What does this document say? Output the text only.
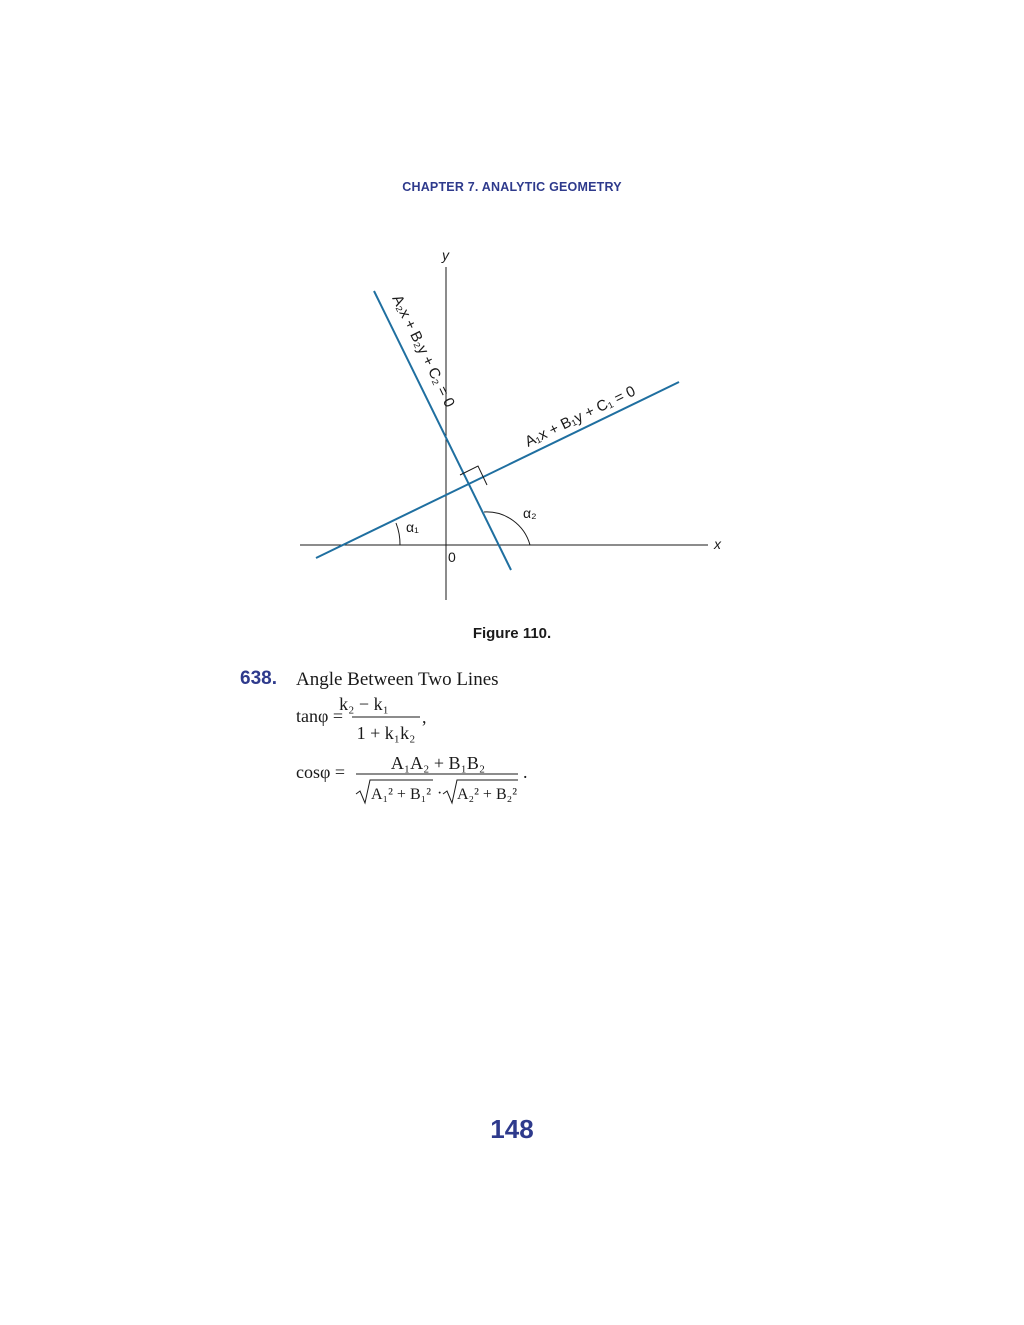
CHAPTER 7. ANALYTIC GEOMETRY
x
y
0
α₁
α₂
A₁x + B₁y + C₁ = 0
A₂x + B₂y + C₂ = 0
Figure 110.
638. Angle Between Two Lines
tanφ =
k₂ − k₁
1 + k₁k₂
,
cosφ =	A₁A₂ + B₁B₂
A₁² + B₁² · A₂² + B₂²
.
148
